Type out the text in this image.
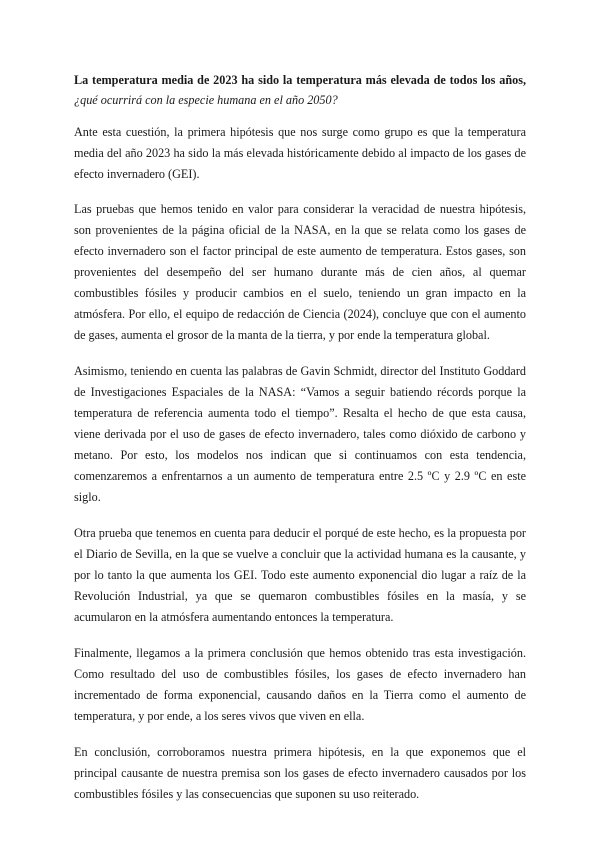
La temperatura media de 2023 ha sido la temperatura más elevada de todos los años,

¿qué ocurrirá con la especie humana en el año 2050?

Ante esta cuestión, la primera hipótesis que nos surge como grupo es que la temperatura media del año 2023 ha sido la más elevada históricamente debido al impacto de los gases de efecto invernadero (GEI).

Las pruebas que hemos tenido en valor para considerar la veracidad de nuestra hipótesis, son provenientes de la página oficial de la NASA, en la que se relata como los gases de efecto invernadero son el factor principal de este aumento de temperatura. Estos gases, son provenientes del desempeño del ser humano durante más de cien años, al quemar combustibles fósiles y producir cambios en el suelo, teniendo un gran impacto en la atmósfera. Por ello, el equipo de redacción de Ciencia (2024), concluye que con el aumento de gases, aumenta el grosor de la manta de la tierra, y por ende la temperatura global.

Asimismo, teniendo en cuenta las palabras de Gavin Schmidt, director del Instituto Goddard de Investigaciones Espaciales de la NASA: “Vamos a seguir batiendo récords porque la temperatura de referencia aumenta todo el tiempo”. Resalta el hecho de que esta causa, viene derivada por el uso de gases de efecto invernadero, tales como dióxido de carbono y metano. Por esto, los modelos nos indican que si continuamos con esta tendencia, comenzaremos a enfrentarnos a un aumento de temperatura entre 2.5 ºC y 2.9 ºC en este siglo.

Otra prueba que tenemos en cuenta para deducir el porqué de este hecho, es la propuesta por el Diario de Sevilla, en la que se vuelve a concluir que la actividad humana es la causante, y por lo tanto la que aumenta los GEI. Todo este aumento exponencial dio lugar a raíz de la Revolución Industrial, ya que se quemaron combustibles fósiles en la masía, y se acumularon en la atmósfera aumentando entonces la temperatura.

Finalmente, llegamos a la primera conclusión que hemos obtenido tras esta investigación. Como resultado del uso de combustibles fósiles, los gases de efecto invernadero han incrementado de forma exponencial, causando daños en la Tierra como el aumento de temperatura, y por ende, a los seres vivos que viven en ella.

En conclusión, corroboramos nuestra primera hipótesis, en la que exponemos que el principal causante de nuestra premisa son los gases de efecto invernadero causados por los combustibles fósiles y las consecuencias que suponen su uso reiterado.
